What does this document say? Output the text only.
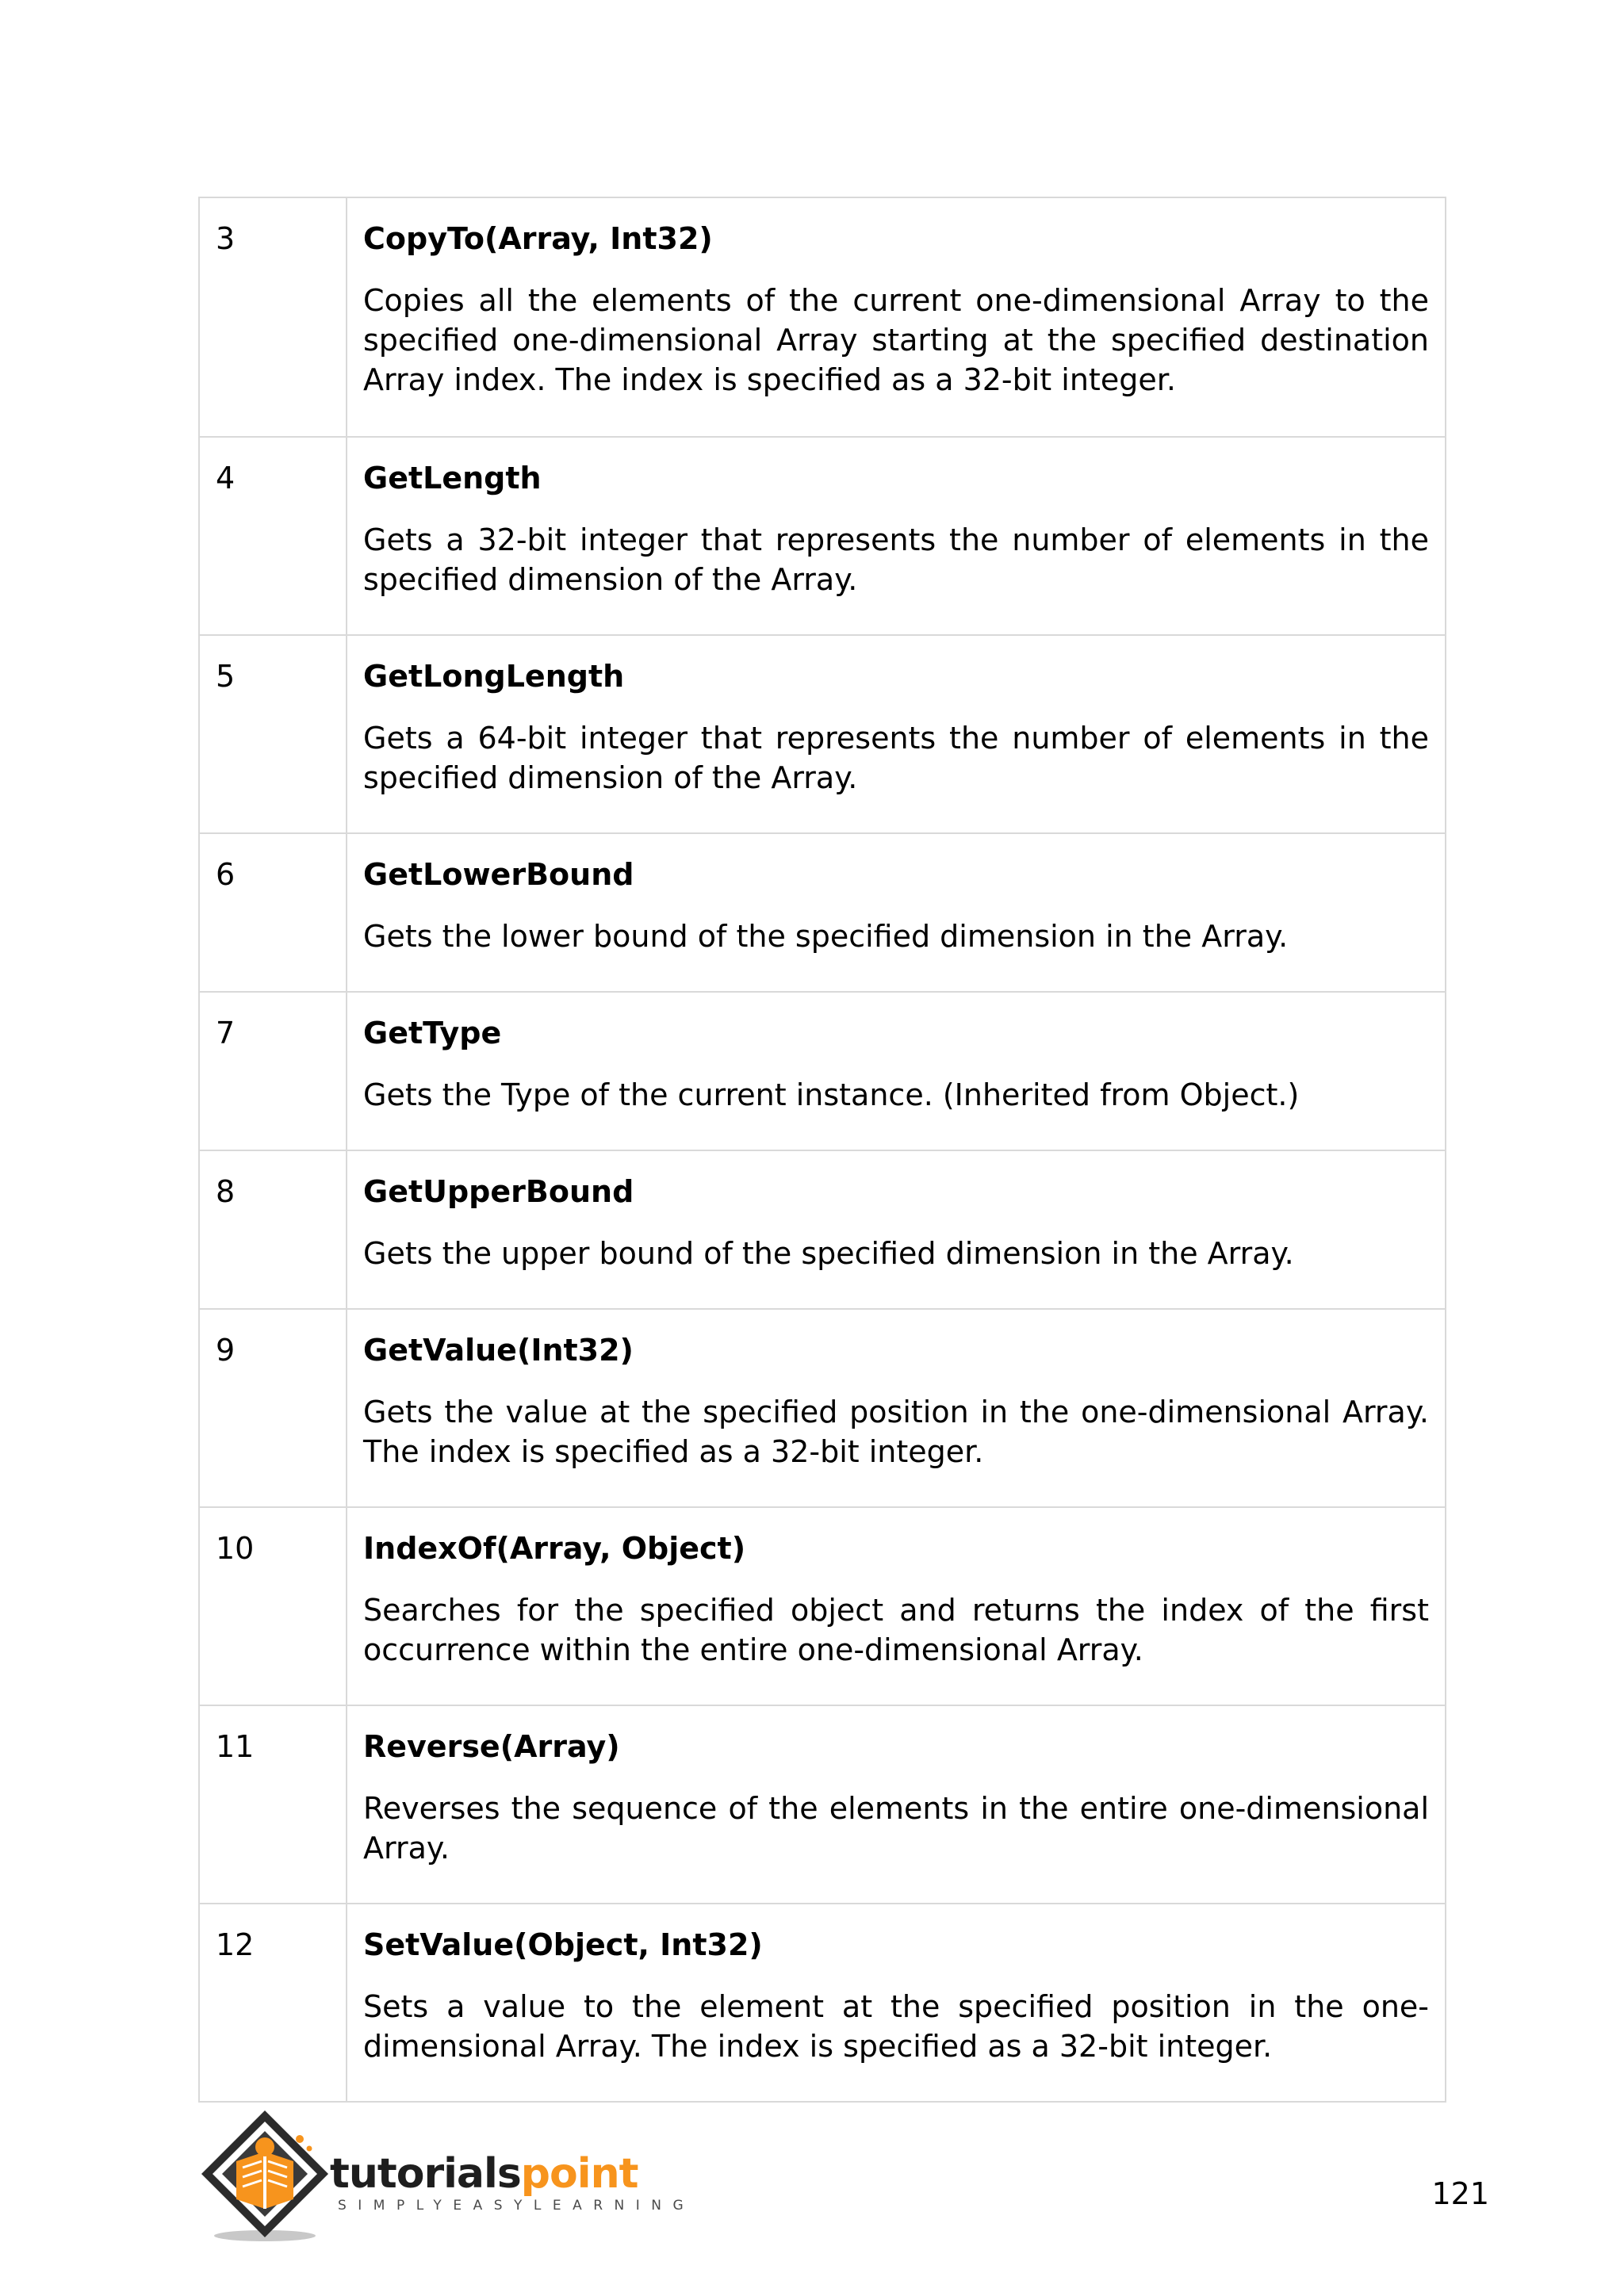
3	CopyTo(Array, Int32)

Copies all the elements of the current one-dimensional Array to the specified one-dimensional Array starting at the specified destination Array index. The index is specified as a 32-bit integer.

4	GetLength

Gets a 32-bit integer that represents the number of elements in the specified dimension of the Array.

5	GetLongLength

Gets a 64-bit integer that represents the number of elements in the specified dimension of the Array.

6	GetLowerBound

Gets the lower bound of the specified dimension in the Array.

7	GetType

Gets the Type of the current instance. (Inherited from Object.)

8	GetUpperBound

Gets the upper bound of the specified dimension in the Array.

9	GetValue(Int32)

Gets the value at the specified position in the one-dimensional Array. The index is specified as a 32-bit integer.

10	IndexOf(Array, Object)

Searches for the specified object and returns the index of the first occurrence within the entire one-dimensional Array.

11	Reverse(Array)

Reverses the sequence of the elements in the entire one-dimensional Array.

12	SetValue(Object, Int32)

Sets a value to the element at the specified position in the one-dimensional Array. The index is specified as a 32-bit integer.

tutorialspoint
SIMPLYEASYLEARNING	121
